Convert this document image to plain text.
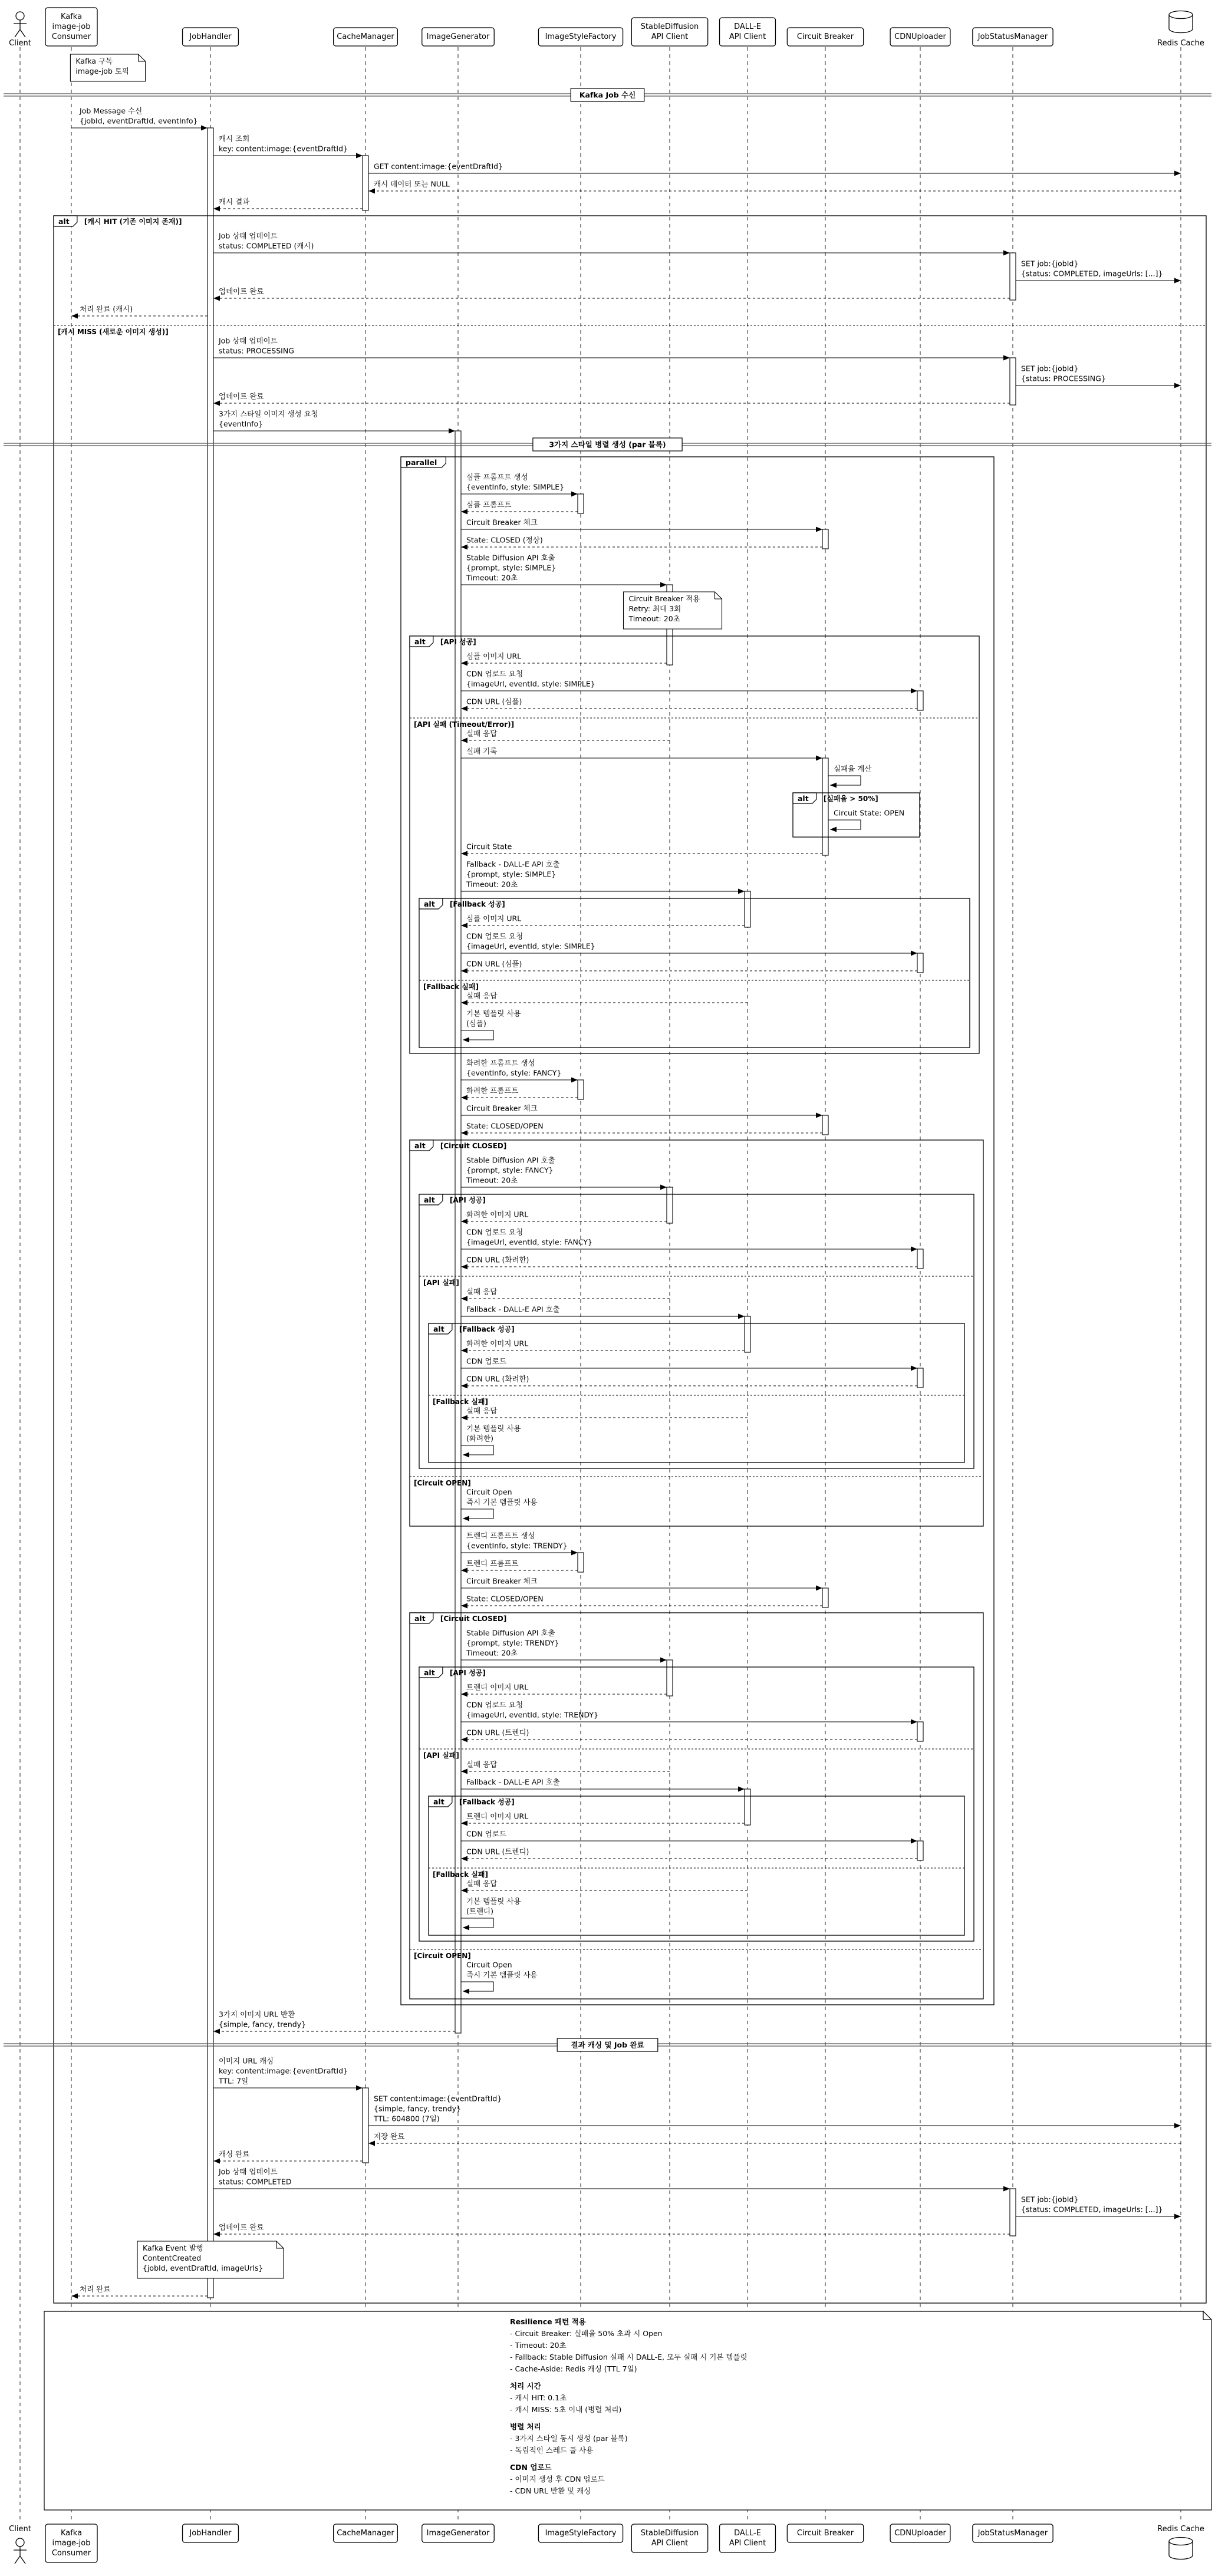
alt [캐시 HIT (기존 이미지 존재)]
[캐시 MISS (새로운 이미지 생성)]
parallel
alt [API 성공]
[API 실패 (Timeout/Error)]
alt [실패율 > 50%]
alt [Fallback 성공]
[Fallback 실패]
alt [Circuit CLOSED]
[Circuit OPEN]
alt [API 성공]
[API 실패]
alt [Fallback 성공]
[Fallback 실패]
alt [Circuit CLOSED]
[Circuit OPEN]
alt [API 성공]
[API 실패]
alt [Fallback 성공]
[Fallback 실패]
Kafka Job 수신
3가지 스타일 병렬 생성 (par 블록)
결과 캐싱 및 Job 완료
Kafka 구독
image-job 토픽
Circuit Breaker 적용
Retry: 최대 3회
Timeout: 20초
Kafka Event 발행
ContentCreated
{jobId, eventDraftId, imageUrls}
Resilience 패턴 적용
- Circuit Breaker: 실패율 50% 초과 시 Open
- Timeout: 20초
- Fallback: Stable Diffusion 실패 시 DALL-E, 모두 실패 시 기본 템플릿
- Cache-Aside: Redis 캐싱 (TTL 7일)
처리 시간
- 캐시 HIT: 0.1초
- 캐시 MISS: 5초 이내 (병렬 처리)
병렬 처리
- 3가지 스타일 동시 생성 (par 블록)
- 독립적인 스레드 풀 사용
CDN 업로드
- 이미지 생성 후 CDN 업로드
- CDN URL 반환 및 캐싱
Job Message 수신
{jobId, eventDraftId, eventInfo}
캐시 조회
key: content:image:{eventDraftId}
GET content:image:{eventDraftId}
캐시 데이터 또는 NULL
캐시 결과
Job 상태 업데이트
status: COMPLETED (캐시)
SET job:{jobId}
{status: COMPLETED, imageUrls: [...]}
업데이트 완료
처리 완료 (캐시)
Job 상태 업데이트
status: PROCESSING
SET job:{jobId}
{status: PROCESSING}
업데이트 완료
3가지 스타일 이미지 생성 요청
{eventInfo}
심플 프롬프트 생성
{eventInfo, style: SIMPLE}
심플 프롬프트
Circuit Breaker 체크
State: CLOSED (정상)
Stable Diffusion API 호출
{prompt, style: SIMPLE}
Timeout: 20초
심플 이미지 URL
CDN 업로드 요청
{imageUrl, eventId, style: SIMPLE}
CDN URL (심플)
실패 응답
실패 기록
Circuit State
Fallback - DALL-E API 호출
{prompt, style: SIMPLE}
Timeout: 20초
심플 이미지 URL
CDN 업로드 요청
{imageUrl, eventId, style: SIMPLE}
CDN URL (심플)
실패 응답
화려한 프롬프트 생성
{eventInfo, style: FANCY}
화려한 프롬프트
Circuit Breaker 체크
State: CLOSED/OPEN
Stable Diffusion API 호출
{prompt, style: FANCY}
Timeout: 20초
화려한 이미지 URL
CDN 업로드 요청
{imageUrl, eventId, style: FANCY}
CDN URL (화려한)
실패 응답
Fallback - DALL-E API 호출
화려한 이미지 URL
CDN 업로드
CDN URL (화려한)
실패 응답
트렌디 프롬프트 생성
{eventInfo, style: TRENDY}
트렌디 프롬프트
Circuit Breaker 체크
State: CLOSED/OPEN
Stable Diffusion API 호출
{prompt, style: TRENDY}
Timeout: 20초
트렌디 이미지 URL
CDN 업로드 요청
{imageUrl, eventId, style: TRENDY}
CDN URL (트렌디)
실패 응답
Fallback - DALL-E API 호출
트렌디 이미지 URL
CDN 업로드
CDN URL (트렌디)
실패 응답
3가지 이미지 URL 반환
{simple, fancy, trendy}
이미지 URL 캐싱
key: content:image:{eventDraftId}
TTL: 7일
SET content:image:{eventDraftId}
{simple, fancy, trendy}
TTL: 604800 (7일)
저장 완료
캐싱 완료
Job 상태 업데이트
status: COMPLETED
SET job:{jobId}
{status: COMPLETED, imageUrls: [...]}
업데이트 완료
처리 완료
실패율 계산
Circuit State: OPEN
기본 템플릿 사용
(심플)
기본 템플릿 사용
(화려한)
Circuit Open
즉시 기본 템플릿 사용
기본 템플릿 사용
(트렌디)
Circuit Open
즉시 기본 템플릿 사용
Client
Kafka
image-job
Consumer	JobHandler	CacheManager	ImageGenerator	ImageStyleFactory
StableDiffusion
API Client
DALL-E
API Client	Circuit Breaker	CDNUploader	JobStatusManager
Redis Cache
Client	Kafka
image-job
Consumer
JobHandler	CacheManager	ImageGenerator	ImageStyleFactory	StableDiffusion
API Client
DALL-E
API Client
Circuit Breaker	CDNUploader	JobStatusManager	Redis Cache
